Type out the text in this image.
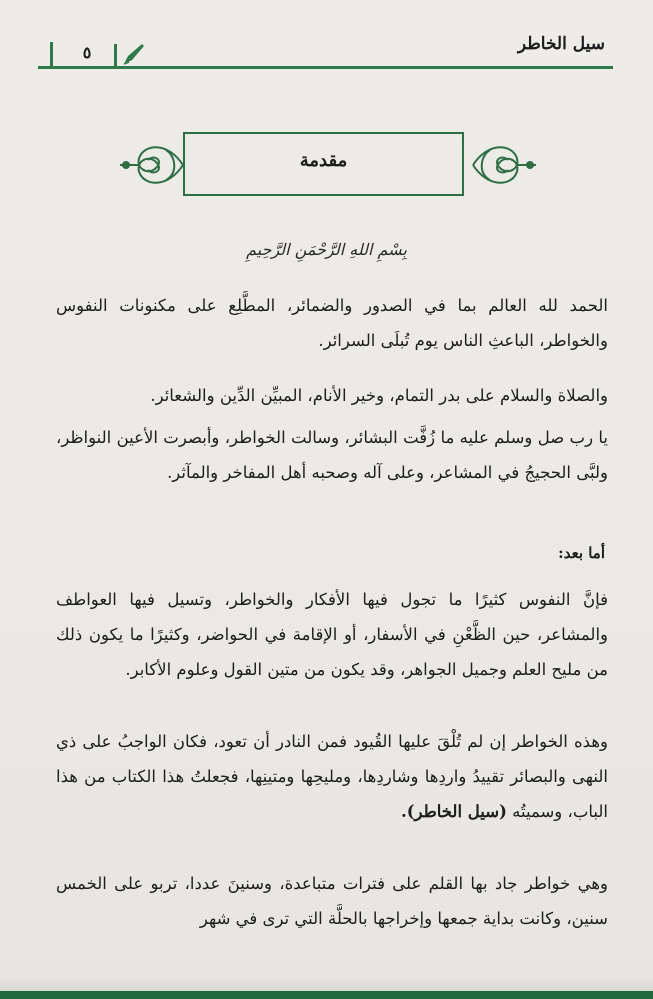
سيل الخاطر
٥
مقدمة
بِسْمِ اللهِ الرَّحْمَنِ الرَّحِيمِ
الحمد لله العالم بما في الصدور والضمائر، المطَّلِع على مكنونات النفوس والخواطر، الباعثِ الناس يوم تُبلَى السرائر.
والصلاة والسلام على بدر التمام، وخير الأنام، المبيِّن الدِّين والشعائر.
يا رب صل وسلم عليه ما زُفَّت البشائر، وسالت الخواطر، وأبصرت الأعين النواظر، ولبَّى الحجيجُ في المشاعر، وعلى آله وصحبه أهل المفاخر والمآثر.
أما بعد:
فإنَّ النفوس كثيرًا ما تجول فيها الأفكار والخواطر، وتسيل فيها العواطف والمشاعر، حين الظَّعْنِ في الأسفار، أو الإقامة في الحواضر، وكثيرًا ما يكون ذلك من مليح العلم وجميل الجواهر، وقد يكون من متين القول وعلوم الأكابر.
وهذه الخواطر إن لم تُلْقَ عليها القُيود فمن النادر أن تعود، فكان الواجبُ على ذي النهى والبصائر تقييدُ واردِها وشاردِها، ومليحِها ومتينِها، فجعلتُ هذا الكتاب من هذا الباب، وسميتُه (سيل الخاطر).
وهي خواطر جاد بها القلم على فترات متباعدة، وسنينَ عددا، تربو على الخمس سنين، وكانت بداية جمعها وإخراجها بالحلَّة التي ترى في شهر
